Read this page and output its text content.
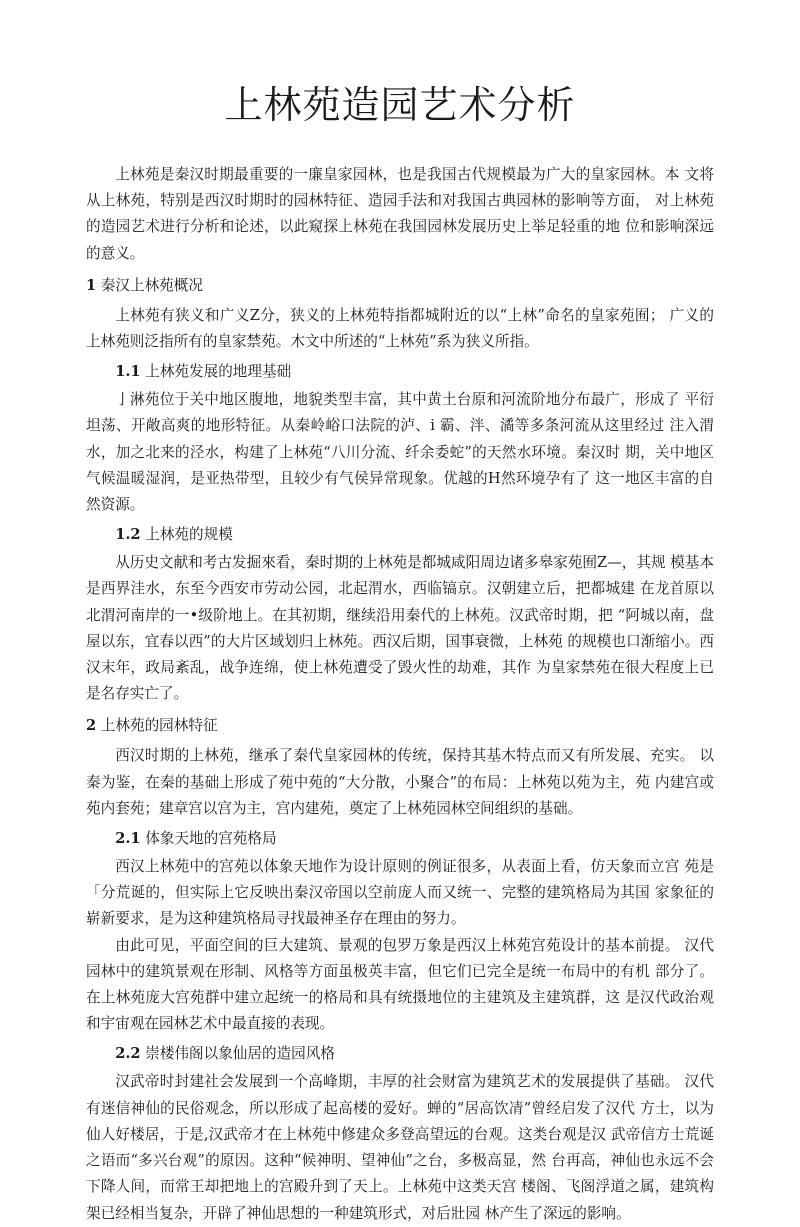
上林苑造园艺术分析

上林苑是秦汉时期最重要的一廉皇家园林，也是我国古代规模最为广大的皇家园林。本 文将从上林苑，特别是西汉时期时的园林特征、造园手法和对我国古典园林的影响等方面， 对上林苑的造园艺术进行分析和论述，以此窥探上林苑在我国园林发展历史上举足轻重的地 位和影响深远的意义。

1 秦汉上林苑概况

上林苑有狭义和广义Z分，狭义的上林苑特指都城附近的以“上林”命名的皇家苑囿； 广义的上林苑则泛指所有的皇家禁苑。木文中所述的“上林苑”系为狭义所指。

1.1 上林苑发展的地理基础

亅淋苑位于关中地区腹地，地貌类型丰富，其中黄土台原和河流阶地分布最广，形成了 平衍坦荡、开敞高爽的地形特征。从秦岭峪口法院的泸、i 霸、泮、潏等多条河流从这里经过 注入渭水，加之北来的泾水，构建了上林苑“八川分流、纤余委蛇”的天然水环境。秦汉时 期，关中地区气候温暖湿润，是亚热带型，且较少有气侯异常现象。优越的H然环境孕有了 这一地区丰富的自然资源。

1.2 上林苑的规模

从历史文献和考古发掘來看，秦时期的上林苑是都城咸阳周边诸多皋家苑囿Z—，其规 模基本是西界洼水，东至今西安市劳动公园，北起渭水，西临镐京。汉朝建立后，把都城建 在龙首原以北渭河南岸的一•级阶地上。在其初期，继续沿用秦代的上林苑。汉武帝时期，把 “阿城以南，盘屋以东，宜春以西”的大片区域划归上林苑。西汉后期，国事衰微，上林苑 的规模也口渐缩小。西汉末年，政局紊乱，战争连绵，使上林苑遭受了毁火性的劫难，其作 为皇家禁苑在很大程度上已是名存实亡了。

2 上林苑的园林特征

西汉时期的上林苑，继承了秦代皇家园林的传统，保持其基木特点而又有所发展、充实。 以秦为鉴，在秦的基础上形成了苑中苑的“大分散，小聚合”的布局：上林苑以苑为主，苑 内建宫或苑内套苑；建章宫以宫为主，宫内建苑，奠定了上林苑园林空间组织的基础。

2.1 体象天地的宫苑格局

西汉上林苑中的宫苑以体象天地作为设计原则的例证很多，从表面上看，仿天象而立宫 苑是「分荒诞的，但实际上它反映出秦汉帝国以空前庞人而又统一、完整的建筑格局为其国 家象征的崭新要求，是为这种建筑格局寻找最神圣存在理由的努力。

由此可见，平面空间的巨大建筑、景观的包罗万象是西汉上林苑宫苑设计的基本前提。 汉代园林中的建筑景观在形制、风格等方面虽极英丰富，但它们已完全是统一布局中的有机 部分了。在上林苑庞大宫苑群中建立起统一的格局和具有统摄地位的主建筑及主建筑群，这 是汉代政治观和宇宙观在园林艺术中最直接的表现。

2.2 崇楼伟阁以象仙居的造园风格

汉武帝时封建社会发展到一个高峰期，丰厚的社会财富为建筑艺术的发展提供了基础。 汉代有迷信神仙的民俗观念，所以形成了起高楼的爱好。蝉的“居高饮凊”曾经启发了汉代 方士，以为仙人好楼居，于是,汉武帝才在上林苑中修建众多登高望远的台观。这类台观是汉 武帝信方士荒诞之语而“多兴台观”的原因。这种“候神明、望神仙”之台，多极高显，然 台再高，神仙也永远不会下降人间，而常王却把地上的宫殿升到了天上。上林苑中这类天宫 楼阁、飞阁浮道之属，建筑构架已经相当复杂，开辟了神仙思想的一种建筑形式，对后壯园 林产生了深远的影响。
